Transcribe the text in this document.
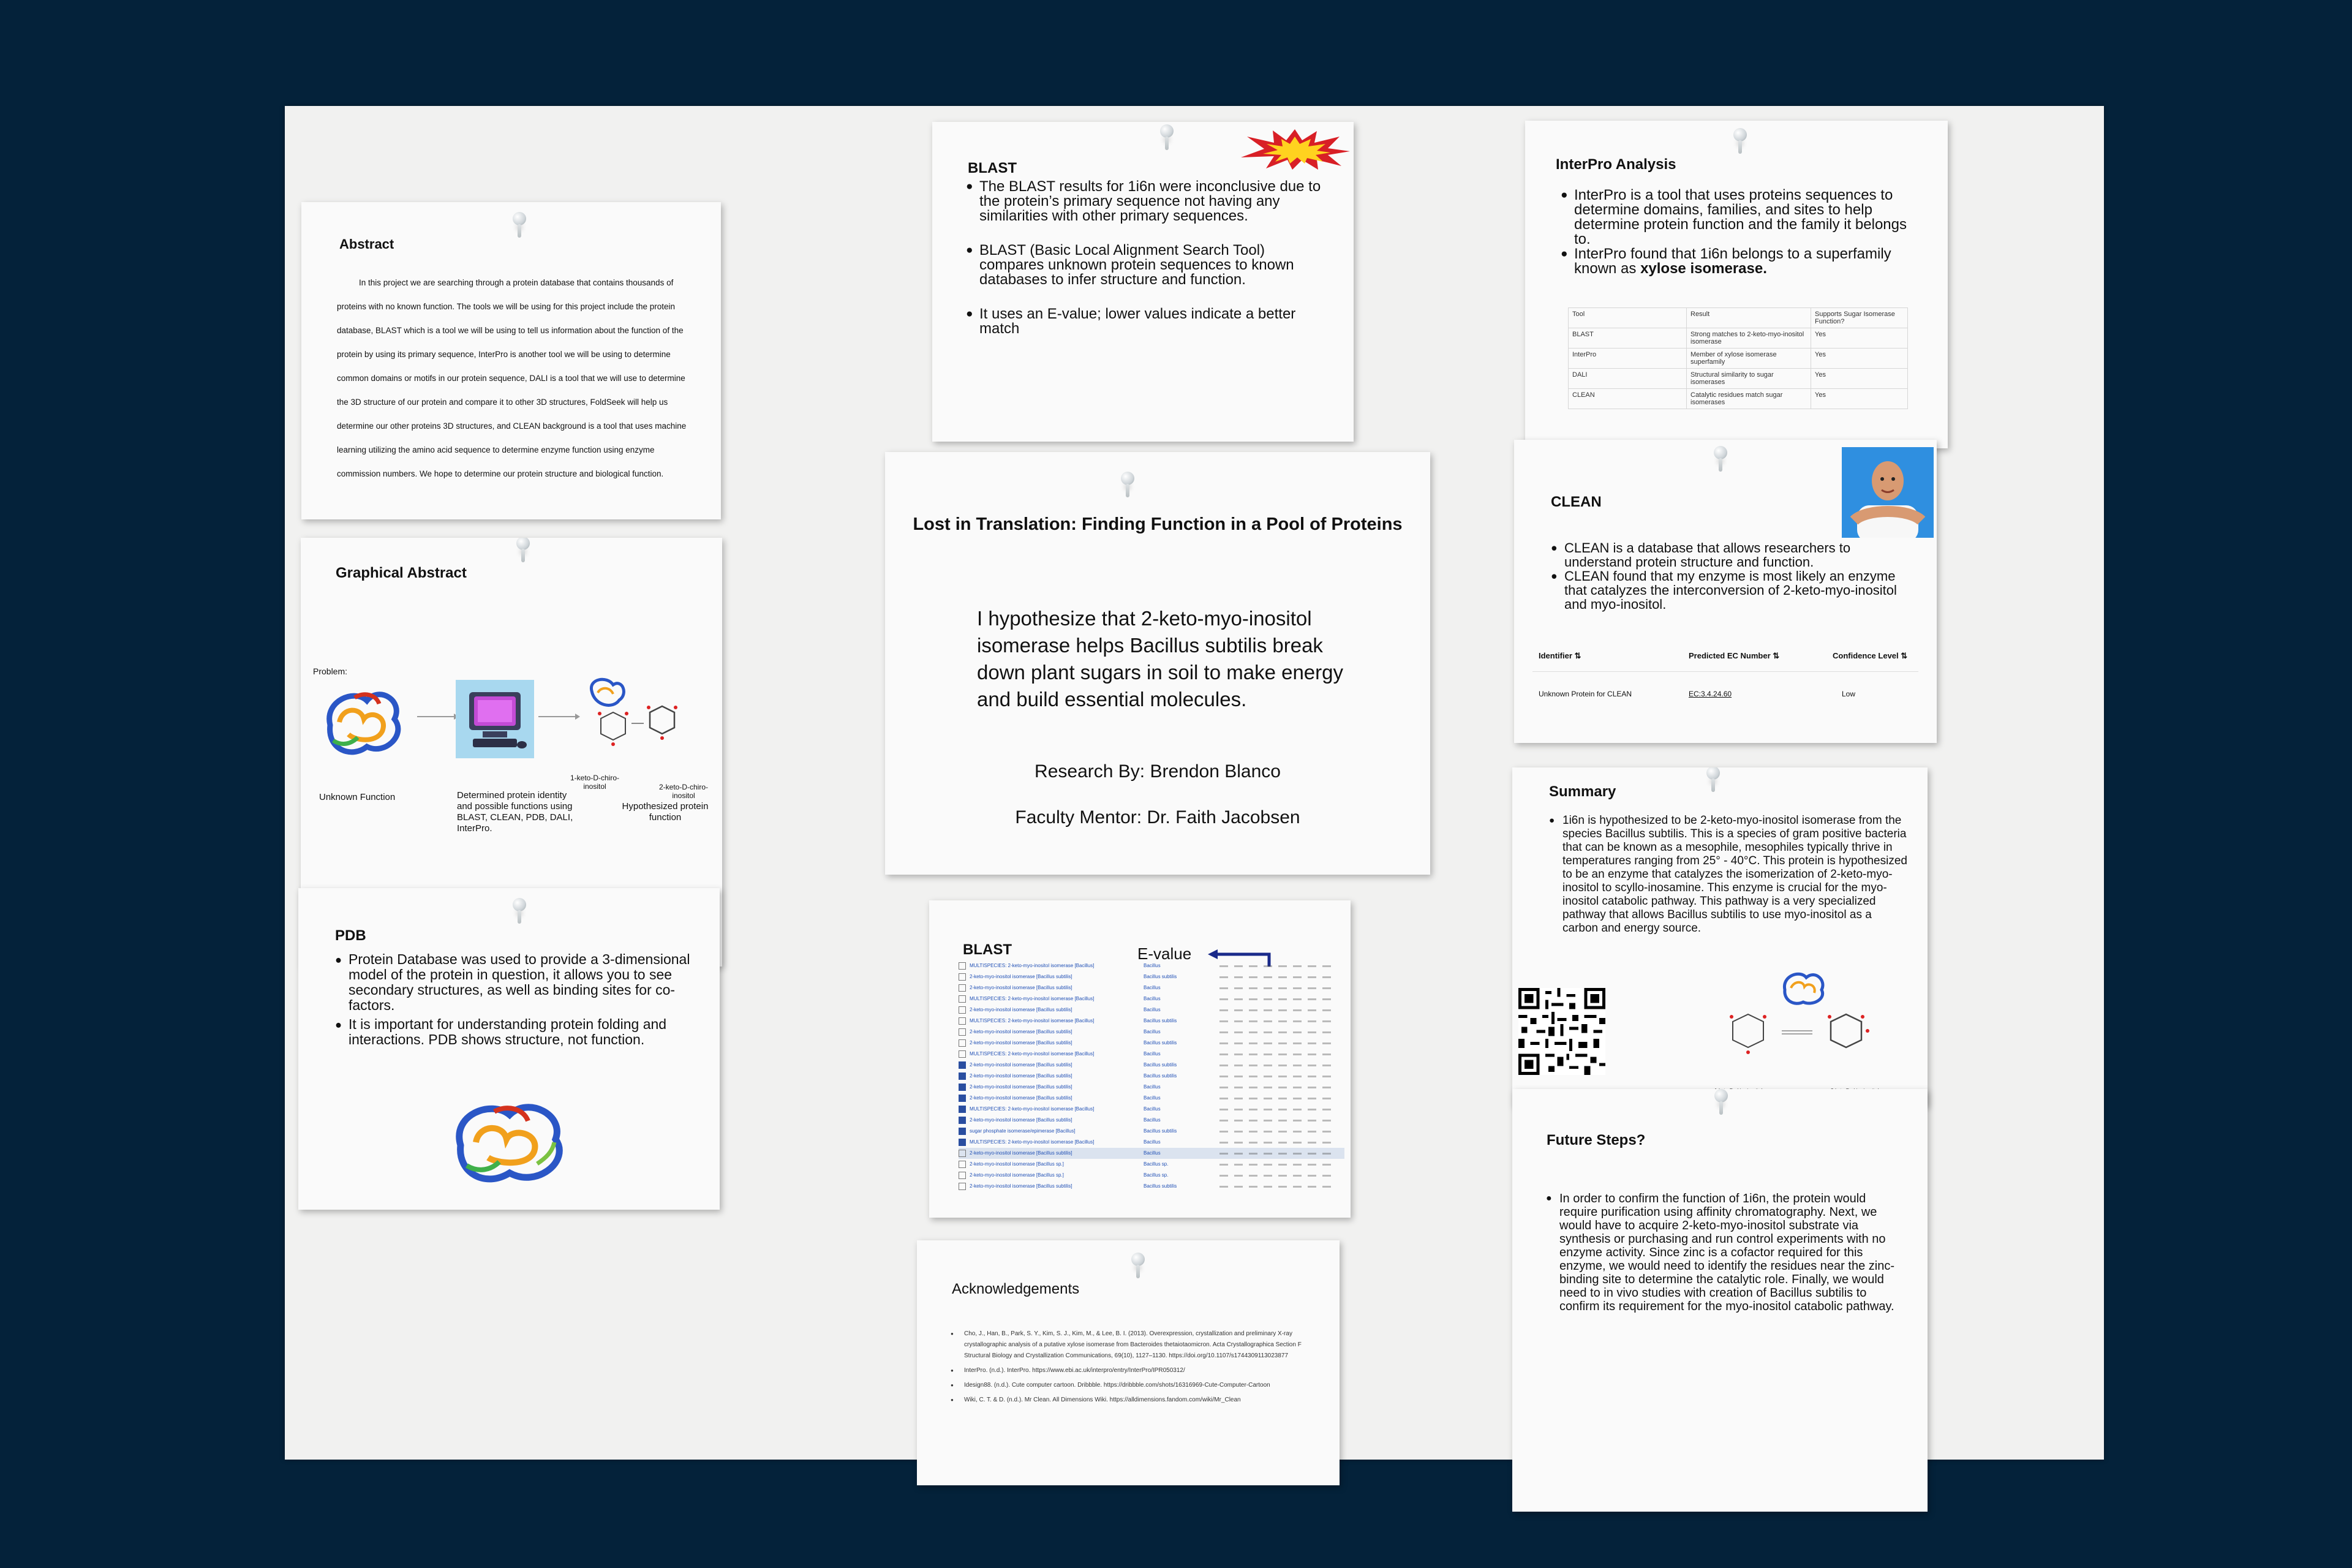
Abstract

In this project we are searching through a protein database that contains thousands of proteins with no known function. The tools we will be using for this project include the protein database, BLAST which is a tool we will be using to tell us information about the function of the protein by using its primary sequence, InterPro is another tool we will be using to determine common domains or motifs in our protein sequence, DALI is a tool that we will use to determine the 3D structure of our protein and compare it to other 3D structures, FoldSeek will help us determine our other proteins 3D structures, and CLEAN background is a tool that uses machine learning utilizing the amino acid sequence to determine enzyme function using enzyme commission numbers. We hope to determine our protein structure and biological function.

Graphical Abstract
Problem:
Unknown Function	Determined protein identity and possible functions using BLAST, CLEAN, PDB, DALI, InterPro.

1-keto-D-chiro-inositol	2-keto-D-chiro-inositol

Hypothesized protein function

PDB
● Protein Database was used to provide a 3-dimensional model of the protein in question, it allows you to see secondary structures, as well as binding sites for co-factors.
● It is important for understanding protein folding and interactions. PDB shows structure, not function.
BLAST
● The BLAST results for 1i6n were inconclusive due to the protein’s primary sequence not having any similarities with other primary sequences.
● BLAST (Basic Local Alignment Search Tool) compares unknown protein sequences to known databases to infer structure and function.
● It uses an E-value; lower values indicate a better match
Lost in Translation: Finding Function in a Pool of Proteins

I hypothesize that 2-keto-myo-inositol isomerase helps Bacillus subtilis break down plant sugars in soil to make energy and build essential molecules.

Research By: Brendon Blanco
Faculty Mentor: Dr. Faith Jacobsen
BLAST	E-value
MULTISPECIES: 2-keto-myo-inositol isomerase [Bacillus]	Bacillus
2-keto-myo-inositol isomerase [Bacillus subtilis]	Bacillus subtilis
2-keto-myo-inositol isomerase [Bacillus subtilis]	Bacillus
MULTISPECIES: 2-keto-myo-inositol isomerase [Bacillus]	Bacillus
2-keto-myo-inositol isomerase [Bacillus subtilis]	Bacillus
MULTISPECIES: 2-keto-myo-inositol isomerase [Bacillus]	Bacillus subtilis
2-keto-myo-inositol isomerase [Bacillus subtilis]	Bacillus
2-keto-myo-inositol isomerase [Bacillus subtilis]	Bacillus subtilis
MULTISPECIES: 2-keto-myo-inositol isomerase [Bacillus]	Bacillus
2-keto-myo-inositol isomerase [Bacillus subtilis]	Bacillus subtilis
2-keto-myo-inositol isomerase [Bacillus subtilis]	Bacillus subtilis
2-keto-myo-inositol isomerase [Bacillus subtilis]	Bacillus
2-keto-myo-inositol isomerase [Bacillus subtilis]	Bacillus
MULTISPECIES: 2-keto-myo-inositol isomerase [Bacillus]	Bacillus
2-keto-myo-inositol isomerase [Bacillus subtilis]	Bacillus
sugar phosphate isomerase/epimerase [Bacillus]	Bacillus subtilis
MULTISPECIES: 2-keto-myo-inositol isomerase [Bacillus]	Bacillus
2-keto-myo-inositol isomerase [Bacillus subtilis]	Bacillus
2-keto-myo-inositol isomerase [Bacillus sp.]	Bacillus sp.
2-keto-myo-inositol isomerase [Bacillus sp.]	Bacillus sp.
2-keto-myo-inositol isomerase [Bacillus subtilis]	Bacillus subtilis
Acknowledgements
● Cho, J., Han, B., Park, S. Y., Kim, S. J., Kim, M., & Lee, B. I. (2013). Overexpression, crystallization and preliminary X-ray crystallographic analysis of a putative xylose isomerase from Bacteroides thetaiotaomicron. Acta Crystallographica Section F Structural Biology and Crystallization Communications, 69(10), 1127–1130. https://doi.org/10.1107/s1744309113023877
● InterPro. (n.d.). InterPro. https://www.ebi.ac.uk/interpro/entry/InterPro/IPR050312/
● Idesign88. (n.d.). Cute computer cartoon. Dribbble. https://dribbble.com/shots/16316969-Cute-Computer-Cartoon
● Wiki, C. T. & D. (n.d.). Mr Clean. All Dimensions Wiki. https://alldimensions.fandom.com/wiki/Mr_Clean
InterPro Analysis
● InterPro is a tool that uses proteins sequences to determine domains, families, and sites to help determine protein function and the family it belongs to.
● InterPro found that 1i6n belongs to a superfamily known as xylose isomerase.
Tool	Result	Supports Sugar Isomerase Function?
BLAST	Strong matches to 2-keto-myo-inositol isomerase	Yes
InterPro	Member of xylose isomerase superfamily	Yes
DALI	Structural similarity to sugar isomerases	Yes
CLEAN	Catalytic residues match sugar isomerases	Yes
CLEAN
● CLEAN is a database that allows researchers to understand protein structure and function.
● CLEAN found that my enzyme is most likely an enzyme that catalyzes the interconversion of 2-keto-myo-inositol and myo-inositol.
Identifier ⇅	Predicted EC Number ⇅	Confidence Level ⇅
Unknown Protein for CLEAN	EC:3.4.24.60	Low
Summary
● 1i6n is hypothesized to be 2-keto-myo-inositol isomerase from the species Bacillus subtilis. This is a species of gram positive bacteria that can be known as a mesophile, mesophiles typically thrive in temperatures ranging from 25° - 40°C. This protein is hypothesized to be an enzyme that catalyzes the isomerization of 2-keto-myo-inositol to scyllo-inosamine. This enzyme is crucial for the myo-inositol catabolic pathway. This pathway is a very specialized pathway that allows Bacillus subtilis to use myo-inositol as a carbon and energy source.
Future Steps?
● In order to confirm the function of 1i6n, the protein would require purification using affinity chromatography. Next, we would have to acquire 2-keto-myo-inositol substrate via synthesis or purchasing and run control experiments with no enzyme activity. Since zinc is a cofactor required for this enzyme, we would need to identify the residues near the zinc-binding site to determine the catalytic role. Finally, we would need to in vivo studies with creation of Bacillus subtilis to confirm its requirement for the myo-inositol catabolic pathway.
